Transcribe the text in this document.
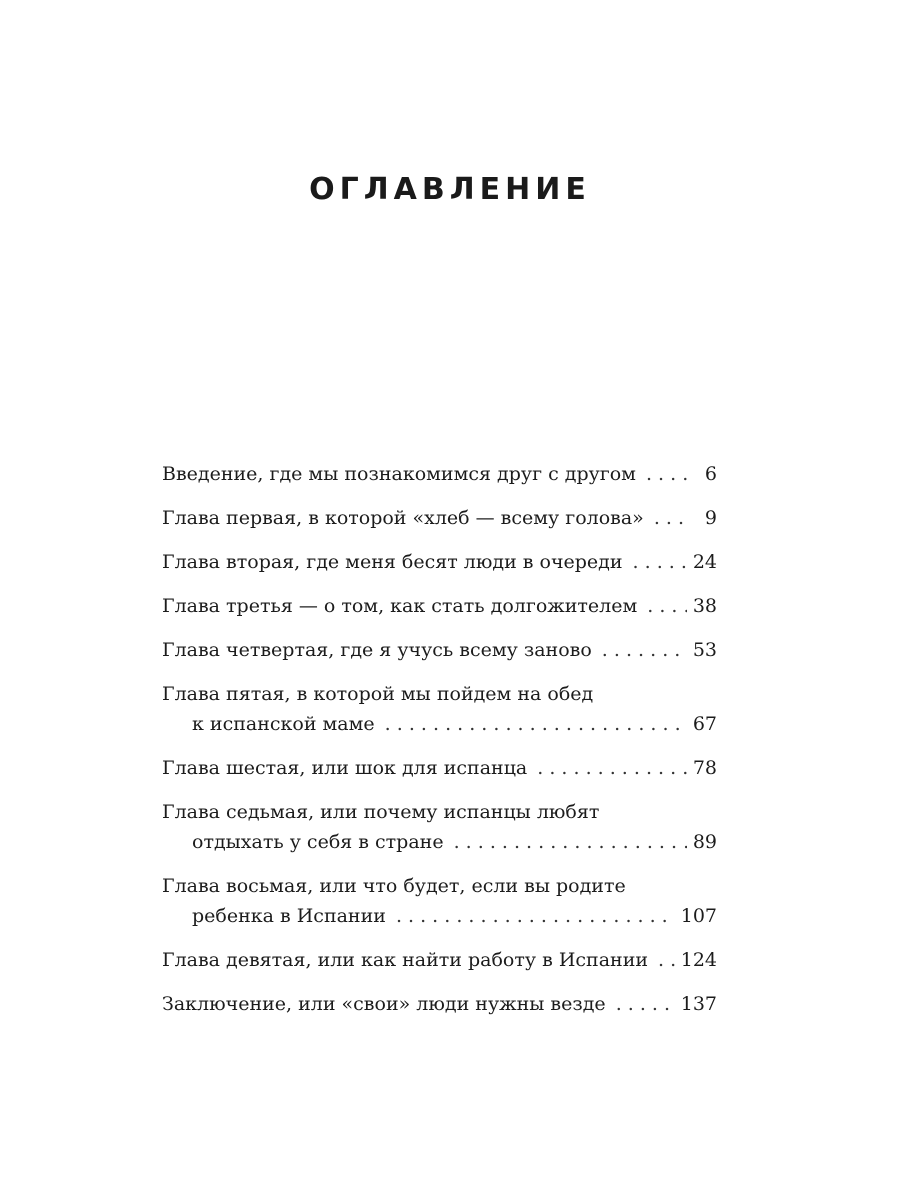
ОГЛАВЛЕНИЕ
Введение, где мы познакомимся друг с другом . . .	6
Глава первая, в которой «хлеб — всему голова» . . .	9
Глава вторая, где меня бесят люди в очереди . . .	24
Глава третья — о том, как стать долгожителем . . .	38
Глава четвертая, где я учусь всему заново . . .	53
Глава пятая, в которой мы пойдем на обед
к испанской маме . . .	67
Глава шестая, или шок для испанца . . .	78
Глава седьмая, или почему испанцы любят
отдыхать у себя в стране . . .	89
Глава восьмая, или что будет, если вы родите
ребенка в Испании . . .	107
Глава девятая, или как найти работу в Испании . . . 124
Заключение, или «свои» люди нужны везде . . .	137
